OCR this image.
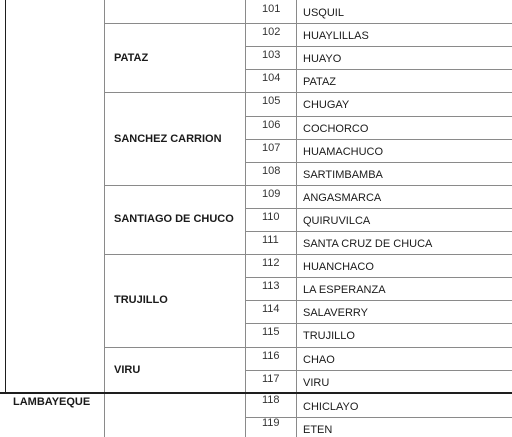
101 USQUIL
102 HUAYLILLAS
103 HUAYO
104 PATAZ
PATAZ
105 CHUGAY
106 COCHORCO
107 HUAMACHUCO
108 SARTIMBAMBA
SANCHEZ CARRION
109 ANGASMARCA
110 QUIRUVILCA
111 SANTA CRUZ DE CHUCA
SANTIAGO DE CHUCO
112 HUANCHACO
113 LA ESPERANZA
114 SALAVERRY
115 TRUJILLO
TRUJILLO
116 CHAO
117 VIRU
VIRU
LAMBAYEQUE	118
CHICLAYO
119
ETEN
